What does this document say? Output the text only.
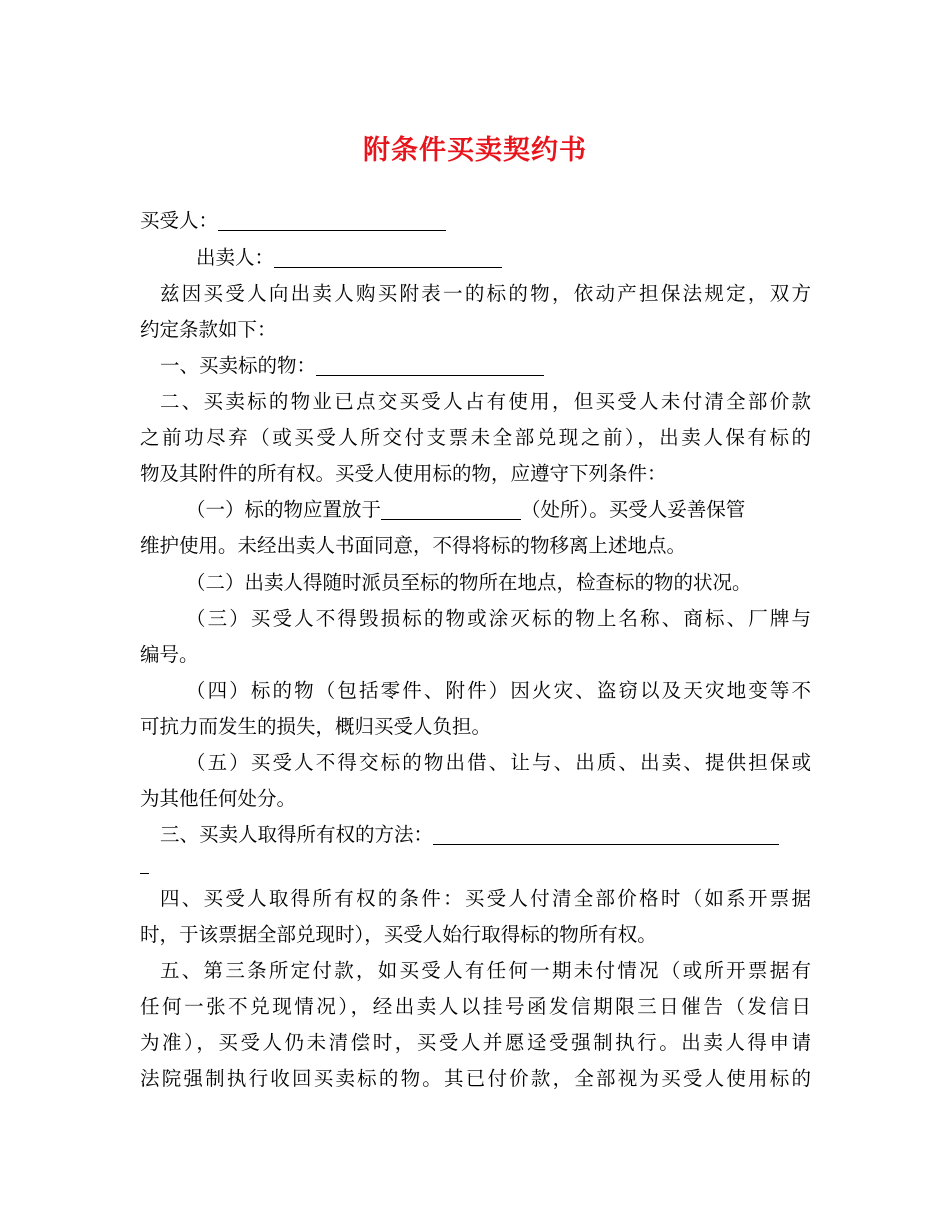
附条件买卖契约书
买受人：
出卖人：
兹因买受人向出卖人购买附表一的标的物，依动产担保法规定，双方
约定条款如下：
一、买卖标的物：
二、买卖标的物业已点交买受人占有使用，但买受人未付清全部价款
之前功尽弃（或买受人所交付支票未全部兑现之前），出卖人保有标的
物及其附件的所有权。买受人使用标的物，应遵守下列条件：
（一）标的物应置放于	（处所）。买受人妥善保管
维护使用。未经出卖人书面同意，不得将标的物移离上述地点。
（二）出卖人得随时派员至标的物所在地点，检查标的物的状况。
（三）买受人不得毁损标的物或涂灭标的物上名称、商标、厂牌与
编号。
（四）标的物（包括零件、附件）因火灾、盗窃以及天灾地变等不
可抗力而发生的损失，概归买受人负担。
（五）买受人不得交标的物出借、让与、出质、出卖、提供担保或
为其他任何处分。
三、买卖人取得所有权的方法：
四、买受人取得所有权的条件：买受人付清全部价格时（如系开票据
时，于该票据全部兑现时），买受人始行取得标的物所有权。
五、第三条所定付款，如买受人有任何一期未付情况（或所开票据有
任何一张不兑现情况），经出卖人以挂号函发信期限三日催告（发信日
为准），买受人仍未清偿时，买受人并愿迳受强制执行。出卖人得申请
法院强制执行收回买卖标的物。其已付价款，全部视为买受人使用标的
